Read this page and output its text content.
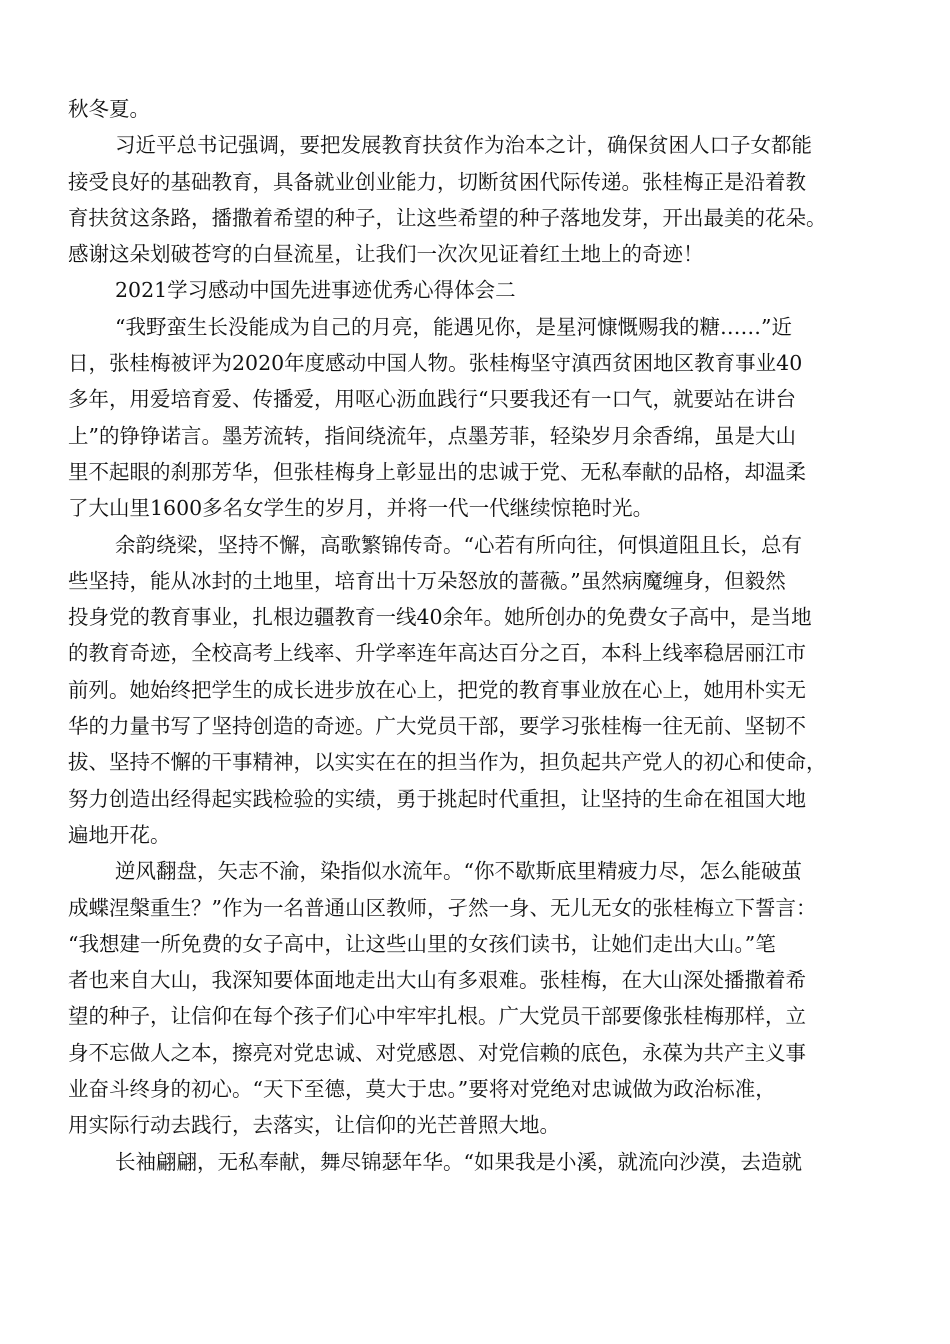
秋冬夏。
习近平总书记强调，要把发展教育扶贫作为治本之计，确保贫困人口子女都能
接受良好的基础教育，具备就业创业能力，切断贫困代际传递。张桂梅正是沿着教
育扶贫这条路，播撒着希望的种子，让这些希望的种子落地发芽，开出最美的花朵。
感谢这朵划破苍穹的白昼流星，让我们一次次见证着红土地上的奇迹！
2021学习感动中国先进事迹优秀心得体会二
“我野蛮生长没能成为自己的月亮，能遇见你，是星河慷慨赐我的糖……”近
日，张桂梅被评为2020年度感动中国人物。张桂梅坚守滇西贫困地区教育事业40
多年，用爱培育爱、传播爱，用呕心沥血践行“只要我还有一口气，就要站在讲台
上”的铮铮诺言。墨芳流转，指间绕流年，点墨芳菲，轻染岁月余香绵，虽是大山
里不起眼的刹那芳华，但张桂梅身上彰显出的忠诚于党、无私奉献的品格，却温柔
了大山里1600多名女学生的岁月，并将一代一代继续惊艳时光。
余韵绕梁，坚持不懈，高歌繁锦传奇。“心若有所向往，何惧道阻且长，总有
些坚持，能从冰封的土地里，培育出十万朵怒放的蔷薇。”虽然病魔缠身，但毅然
投身党的教育事业，扎根边疆教育一线40余年。她所创办的免费女子高中，是当地
的教育奇迹，全校高考上线率、升学率连年高达百分之百，本科上线率稳居丽江市
前列。她始终把学生的成长进步放在心上，把党的教育事业放在心上，她用朴实无
华的力量书写了坚持创造的奇迹。广大党员干部，要学习张桂梅一往无前、坚韧不
拔、坚持不懈的干事精神，以实实在在的担当作为，担负起共产党人的初心和使命，
努力创造出经得起实践检验的实绩，勇于挑起时代重担，让坚持的生命在祖国大地
遍地开花。
逆风翻盘，矢志不渝，染指似水流年。“你不歇斯底里精疲力尽，怎么能破茧
成蝶涅槃重生？”作为一名普通山区教师，孑然一身、无儿无女的张桂梅立下誓言：
“我想建一所免费的女子高中，让这些山里的女孩们读书，让她们走出大山。”笔
者也来自大山，我深知要体面地走出大山有多艰难。张桂梅，在大山深处播撒着希
望的种子，让信仰在每个孩子们心中牢牢扎根。广大党员干部要像张桂梅那样，立
身不忘做人之本，擦亮对党忠诚、对党感恩、对党信赖的底色，永葆为共产主义事
业奋斗终身的初心。“天下至德，莫大于忠。”要将对党绝对忠诚做为政治标准，
用实际行动去践行，去落实，让信仰的光芒普照大地。
长袖翩翩，无私奉献，舞尽锦瑟年华。“如果我是小溪，就流向沙漠，去造就
